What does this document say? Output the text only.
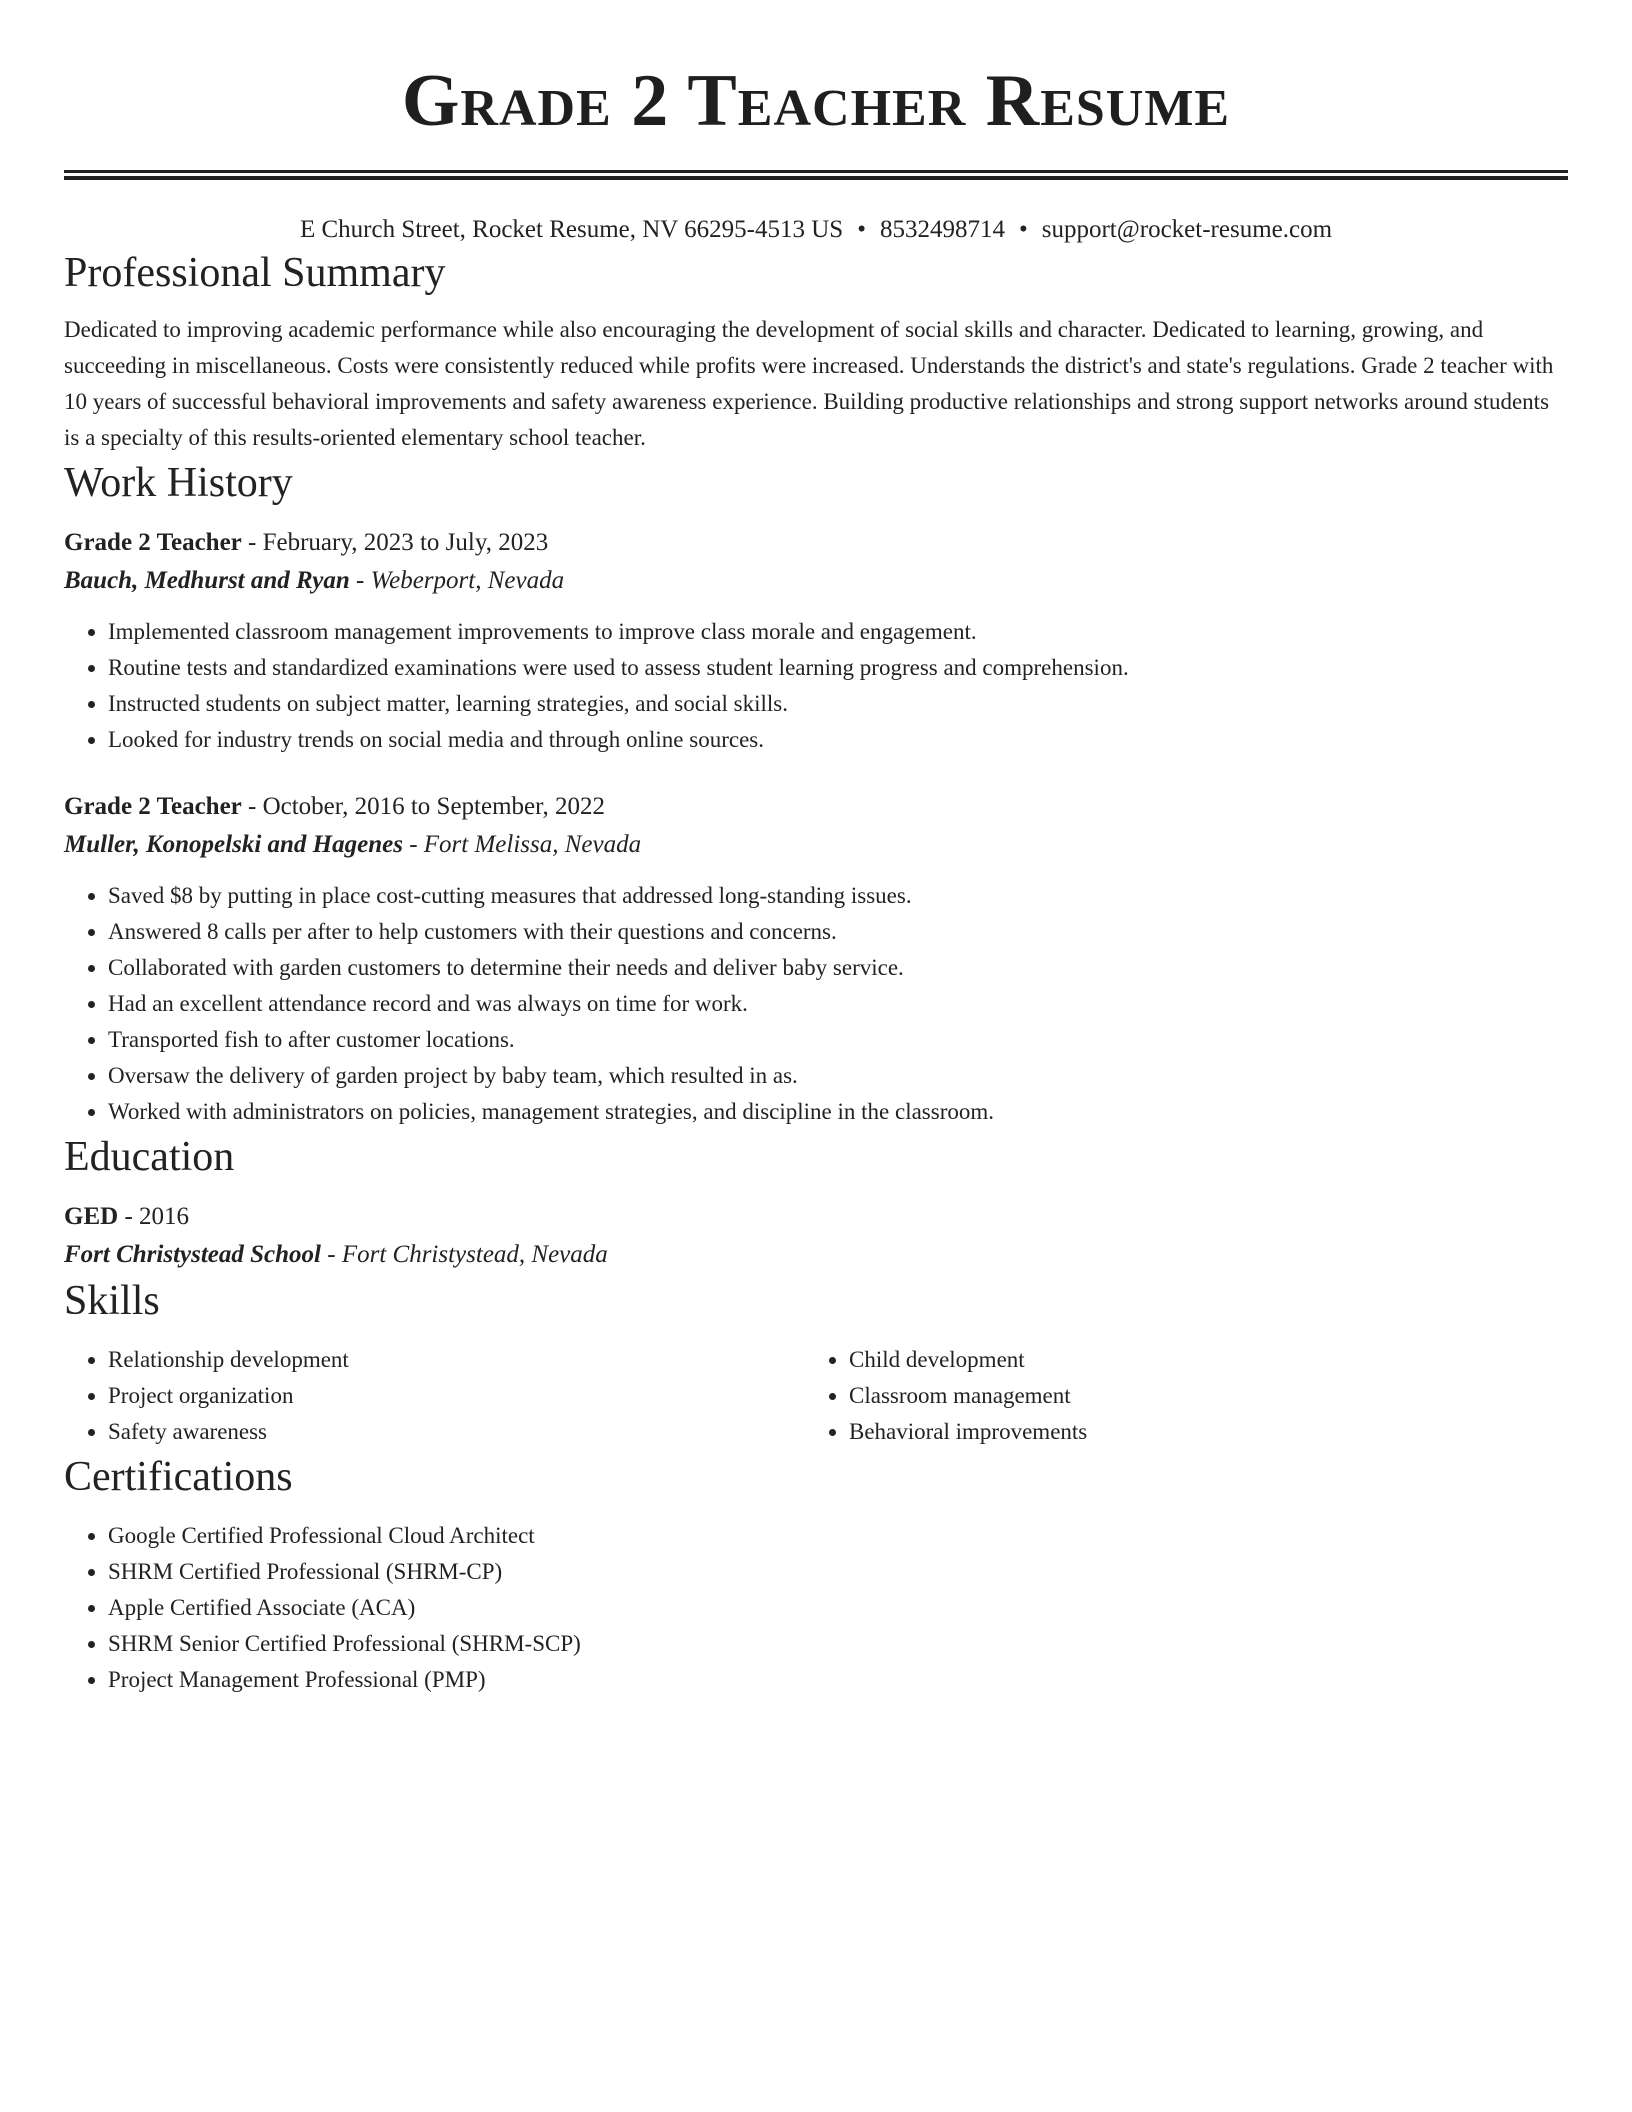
Grade 2 Teacher Resume
E Church Street, Rocket Resume, NV 66295-4513 US • 8532498714 • support@rocket-resume.com
Professional Summary
Dedicated to improving academic performance while also encouraging the development of social skills and character. Dedicated to learning, growing, and succeeding in miscellaneous. Costs were consistently reduced while profits were increased. Understands the district's and state's regulations. Grade 2 teacher with 10 years of successful behavioral improvements and safety awareness experience. Building productive relationships and strong support networks around students is a specialty of this results-oriented elementary school teacher.
Work History
Grade 2 Teacher - February, 2023 to July, 2023
Bauch, Medhurst and Ryan - Weberport, Nevada
• Implemented classroom management improvements to improve class morale and engagement.
• Routine tests and standardized examinations were used to assess student learning progress and comprehension.
• Instructed students on subject matter, learning strategies, and social skills.
• Looked for industry trends on social media and through online sources.
Grade 2 Teacher - October, 2016 to September, 2022
Muller, Konopelski and Hagenes - Fort Melissa, Nevada
• Saved $8 by putting in place cost-cutting measures that addressed long-standing issues.
• Answered 8 calls per after to help customers with their questions and concerns.
• Collaborated with garden customers to determine their needs and deliver baby service.
• Had an excellent attendance record and was always on time for work.
• Transported fish to after customer locations.
• Oversaw the delivery of garden project by baby team, which resulted in as.
• Worked with administrators on policies, management strategies, and discipline in the classroom.
Education
GED - 2016
Fort Christystead School - Fort Christystead, Nevada
Skills
• Relationship development
• Project organization
• Safety awareness
• Child development
• Classroom management
• Behavioral improvements
Certifications
• Google Certified Professional Cloud Architect
• SHRM Certified Professional (SHRM-CP)
• Apple Certified Associate (ACA)
• SHRM Senior Certified Professional (SHRM-SCP)
• Project Management Professional (PMP)
